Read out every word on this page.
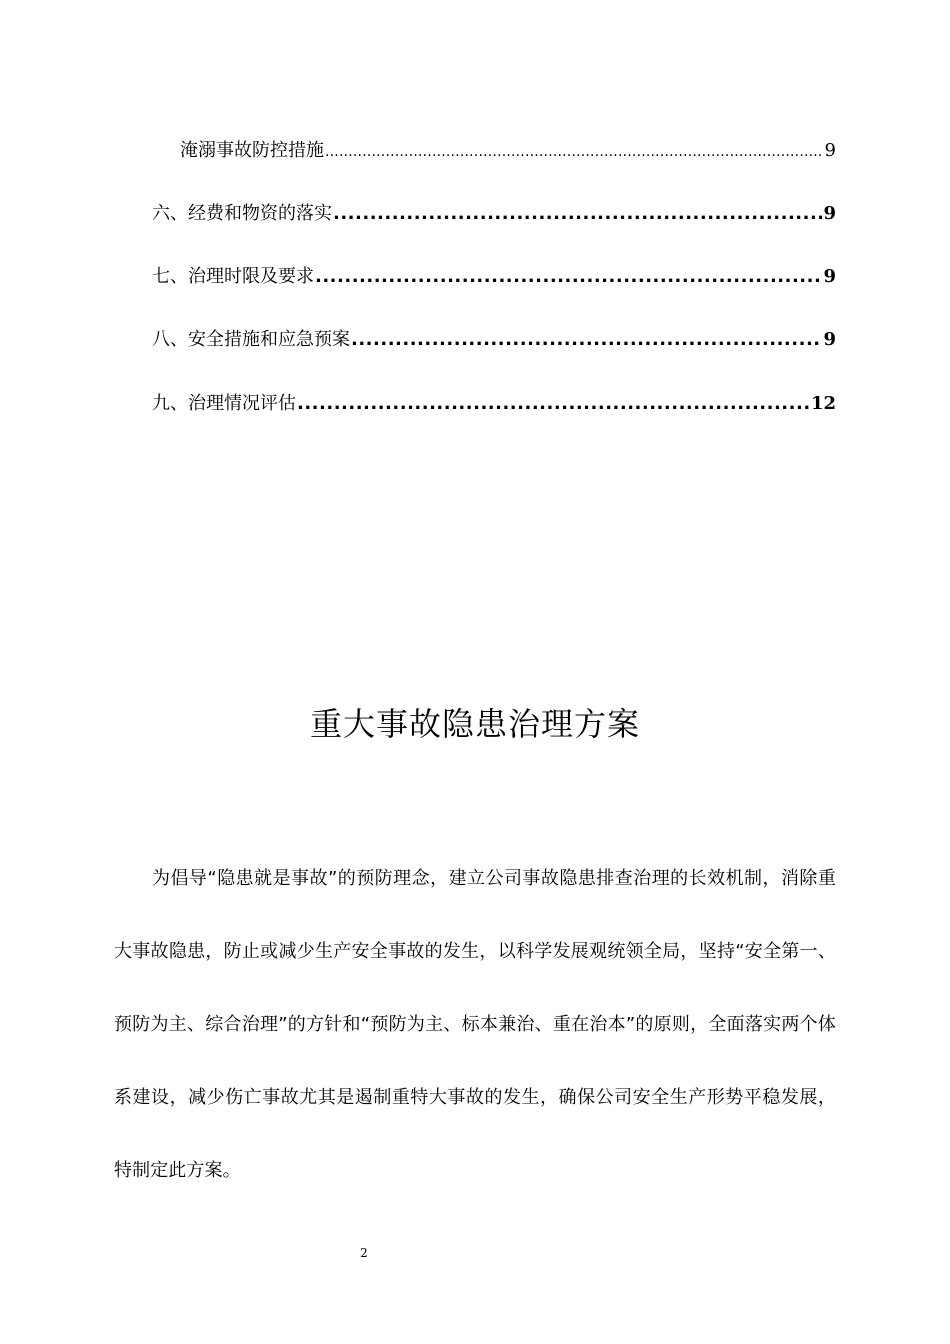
淹溺事故防控措施 .....	9
六、经费和物资的落实 .....	9
七、治理时限及要求 .....	9
八、安全措施和应急预案 .....	9
九、治理情况评估 .....	12
重大事故隐患治理方案

为倡导“隐患就是事故”的预防理念，建立公司事故隐患排查治理的长效机制，消除重大事故隐患，防止或减少生产安全事故的发生，以科学发展观统领全局，坚持“安全第一、预防为主、综合治理”的方针和“预防为主、标本兼治、重在治本”的原则，全面落实两个体系建设，减少伤亡事故尤其是遏制重特大事故的发生，确保公司安全生产形势平稳发展，特制定此方案。

2
